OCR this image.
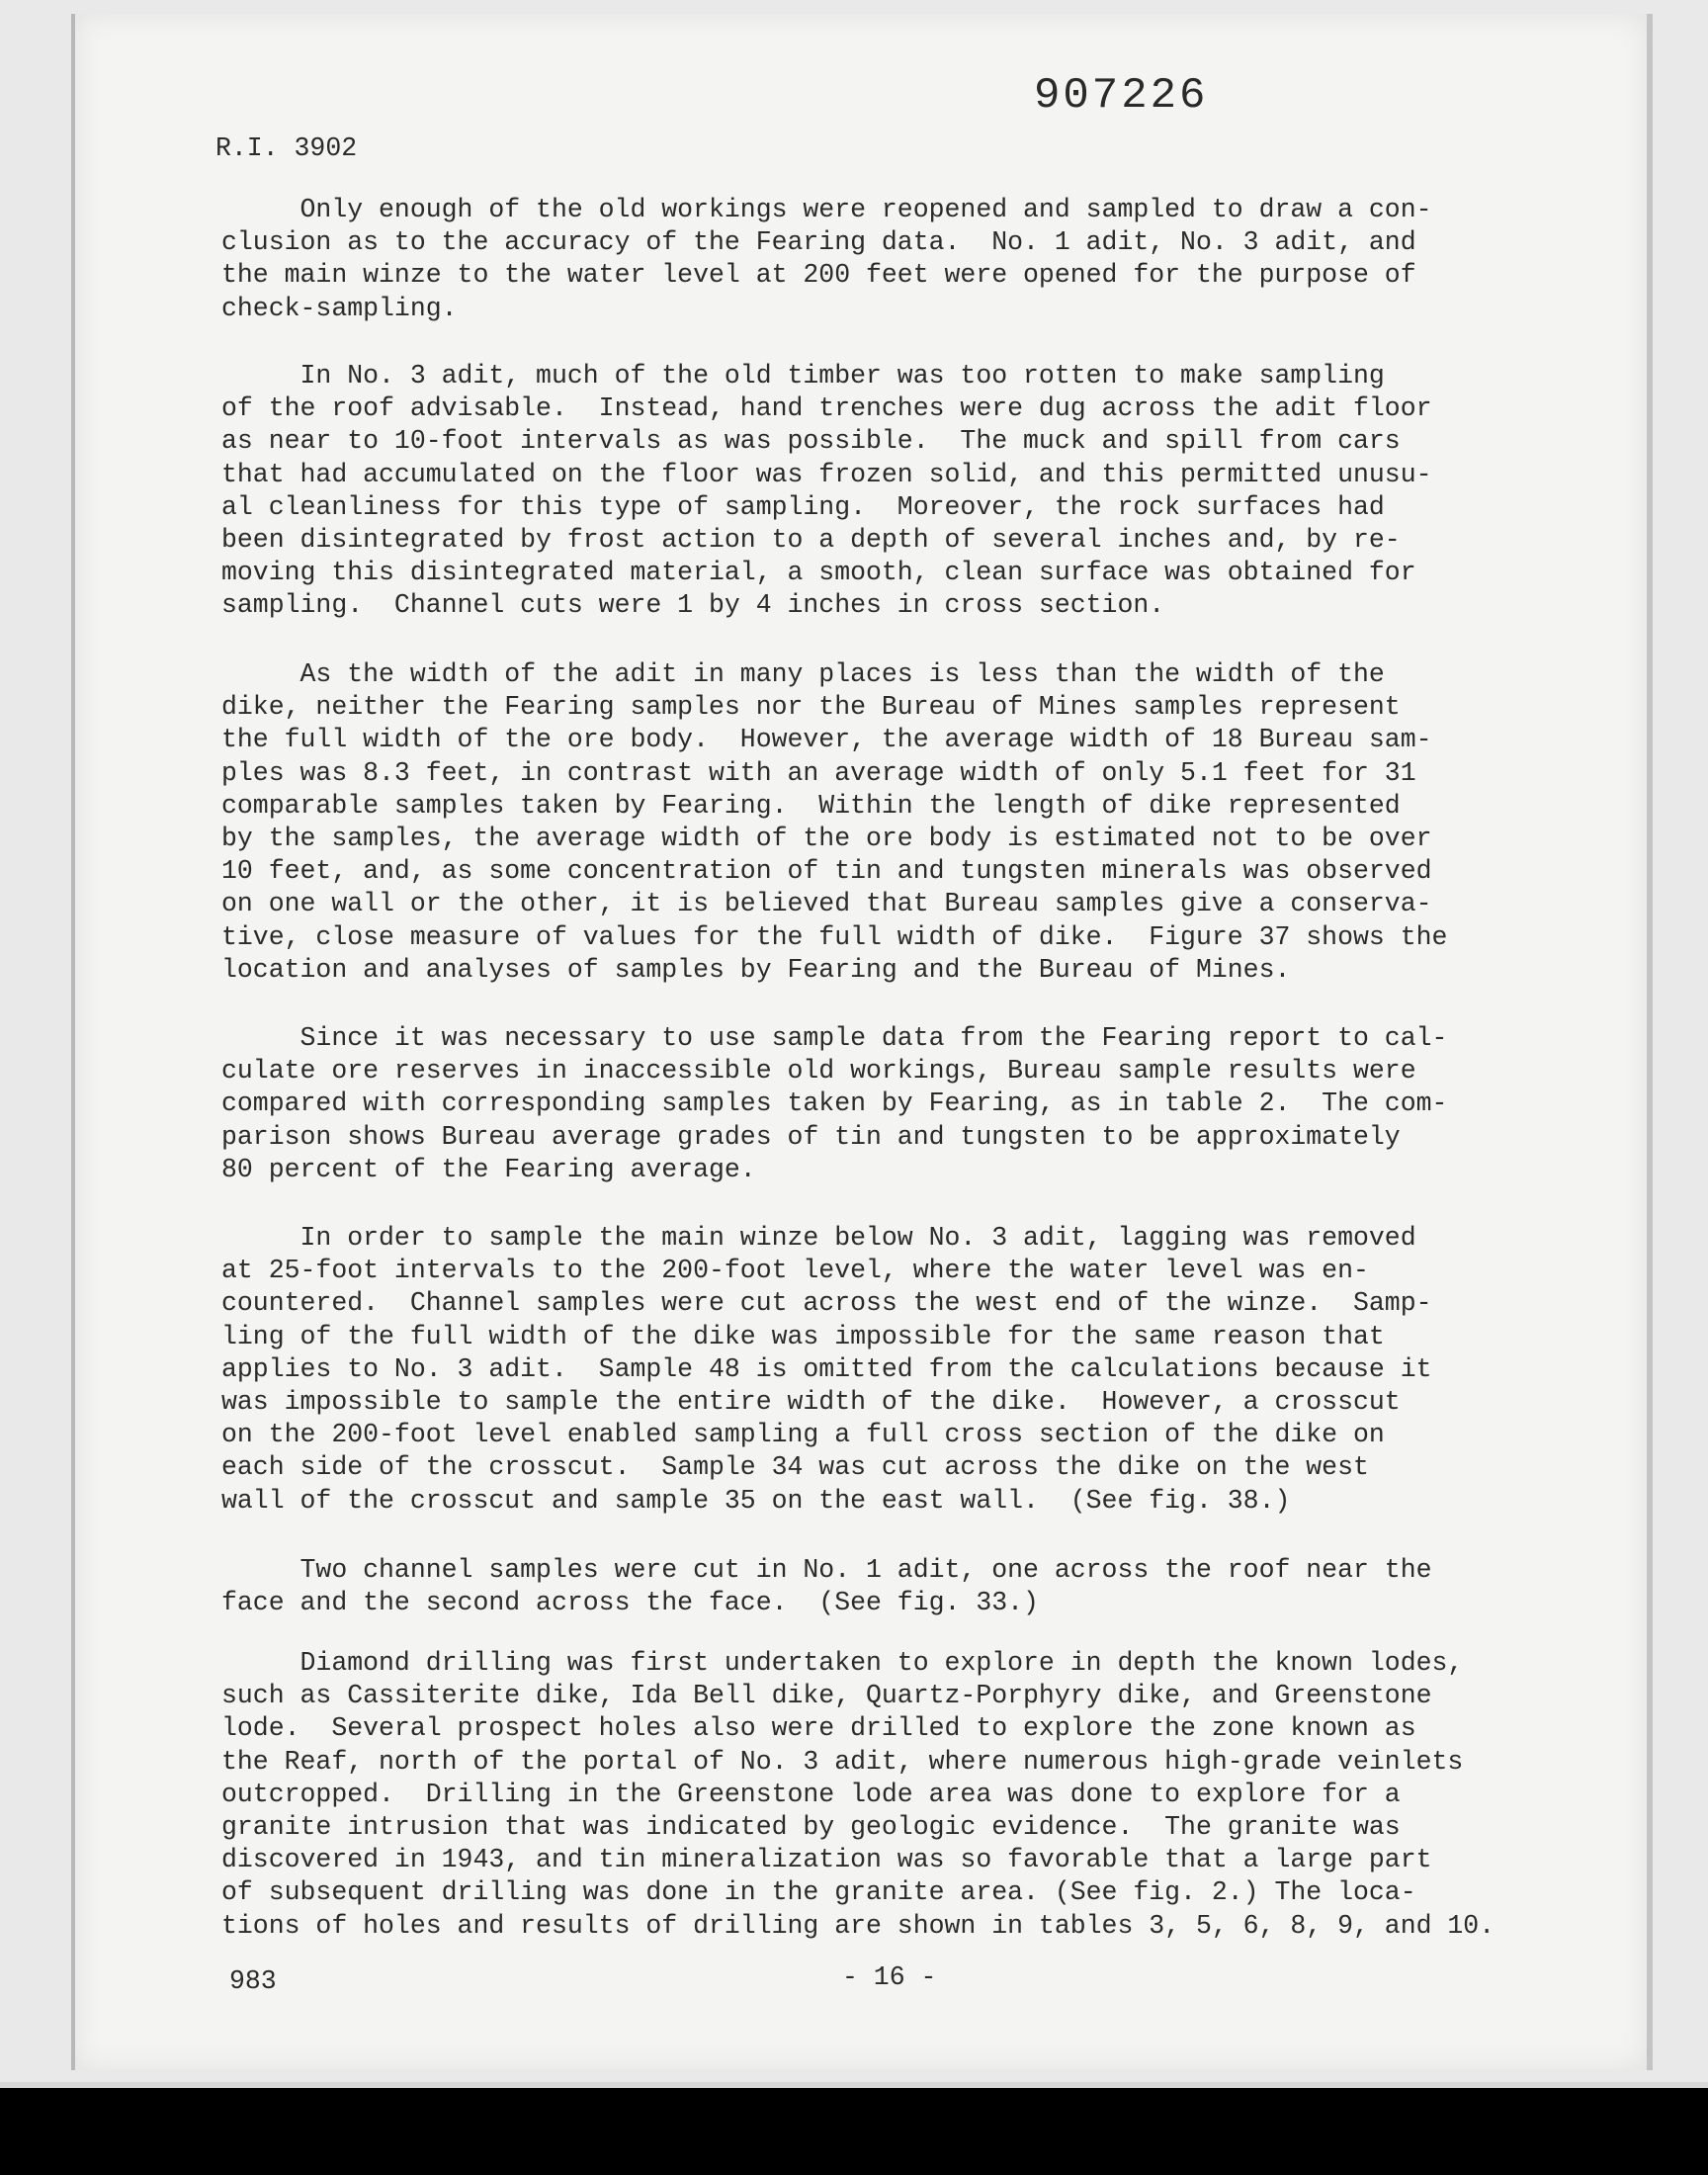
907226
R.I. 3902
Only enough of the old workings were reopened and sampled to draw a con-
clusion as to the accuracy of the Fearing data.  No. 1 adit, No. 3 adit, and
the main winze to the water level at 200 feet were opened for the purpose of
check-sampling.
In No. 3 adit, much of the old timber was too rotten to make sampling
of the roof advisable.  Instead, hand trenches were dug across the adit floor
as near to 10-foot intervals as was possible.  The muck and spill from cars
that had accumulated on the floor was frozen solid, and this permitted unusu-
al cleanliness for this type of sampling.  Moreover, the rock surfaces had
been disintegrated by frost action to a depth of several inches and, by re-
moving this disintegrated material, a smooth, clean surface was obtained for
sampling.  Channel cuts were 1 by 4 inches in cross section.
As the width of the adit in many places is less than the width of the
dike, neither the Fearing samples nor the Bureau of Mines samples represent
the full width of the ore body.  However, the average width of 18 Bureau sam-
ples was 8.3 feet, in contrast with an average width of only 5.1 feet for 31
comparable samples taken by Fearing.  Within the length of dike represented
by the samples, the average width of the ore body is estimated not to be over
10 feet, and, as some concentration of tin and tungsten minerals was observed
on one wall or the other, it is believed that Bureau samples give a conserva-
tive, close measure of values for the full width of dike.  Figure 37 shows the
location and analyses of samples by Fearing and the Bureau of Mines.
Since it was necessary to use sample data from the Fearing report to cal-
culate ore reserves in inaccessible old workings, Bureau sample results were
compared with corresponding samples taken by Fearing, as in table 2.  The com-
parison shows Bureau average grades of tin and tungsten to be approximately
80 percent of the Fearing average.
In order to sample the main winze below No. 3 adit, lagging was removed
at 25-foot intervals to the 200-foot level, where the water level was en-
countered.  Channel samples were cut across the west end of the winze.  Samp-
ling of the full width of the dike was impossible for the same reason that
applies to No. 3 adit.  Sample 48 is omitted from the calculations because it
was impossible to sample the entire width of the dike.  However, a crosscut
on the 200-foot level enabled sampling a full cross section of the dike on
each side of the crosscut.  Sample 34 was cut across the dike on the west
wall of the crosscut and sample 35 on the east wall.  (See fig. 38.)
Two channel samples were cut in No. 1 adit, one across the roof near the
face and the second across the face.  (See fig. 33.)
Diamond drilling was first undertaken to explore in depth the known lodes,
such as Cassiterite dike, Ida Bell dike, Quartz-Porphyry dike, and Greenstone
lode.  Several prospect holes also were drilled to explore the zone known as
the Reaf, north of the portal of No. 3 adit, where numerous high-grade veinlets
outcropped.  Drilling in the Greenstone lode area was done to explore for a
granite intrusion that was indicated by geologic evidence.  The granite was
discovered in 1943, and tin mineralization was so favorable that a large part
of subsequent drilling was done in the granite area. (See fig. 2.) The loca-
tions of holes and results of drilling are shown in tables 3, 5, 6, 8, 9, and 10.
983	- 16 -
